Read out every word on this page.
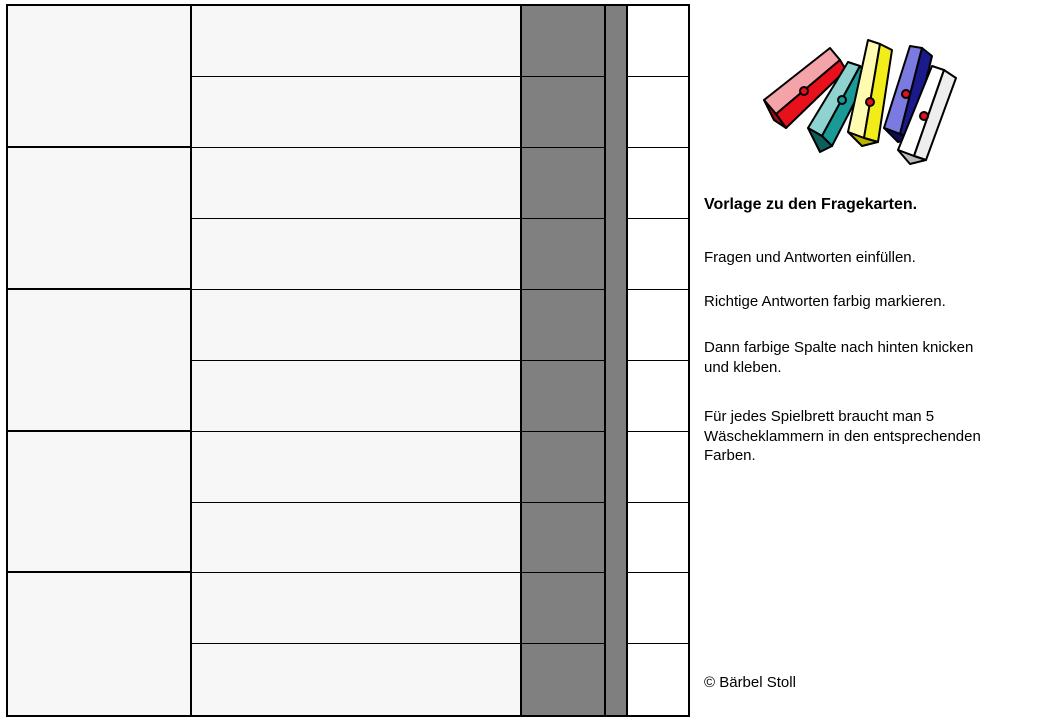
Vorlage zu den Fragekarten.
Fragen und Antworten einfüllen.
Richtige Antworten farbig markieren.
Dann farbige Spalte nach hinten knicken und kleben.
Für jedes Spielbrett braucht man 5 Wäscheklammern in den entsprechenden Farben.
© Bärbel Stoll
